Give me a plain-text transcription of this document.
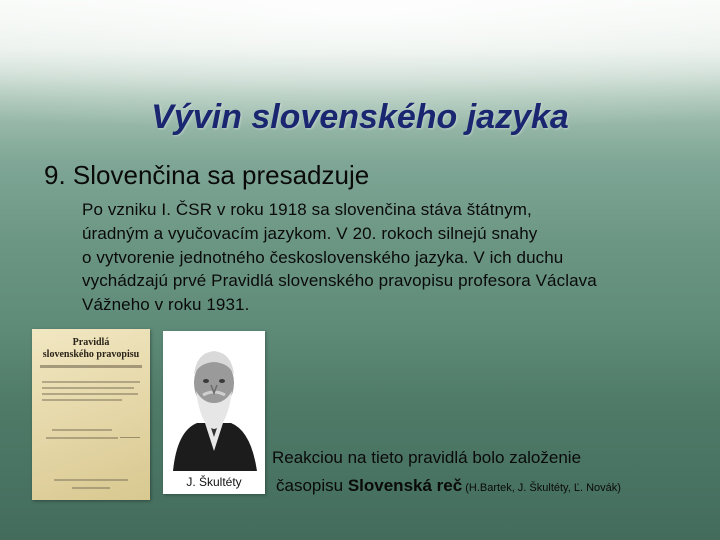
Vývin slovenského jazyka
9. Slovenčina sa presadzuje
Po vzniku I. ČSR v roku 1918 sa slovenčina stáva štátnym,
úradným a vyučovacím jazykom. V 20. rokoch silnejú snahy
o vytvorenie jednotného československého jazyka. V ich duchu
vychádzajú prvé Pravidlá slovenského pravopisu profesora Václava
Vážneho v roku 1931.
Pravidlá
slovenského pravopisu
J. Škultéty
Reakciou na tieto pravidlá bolo založenie
časopisu Slovenská reč (H.Bartek, J. Škultéty, Ľ. Novák)
